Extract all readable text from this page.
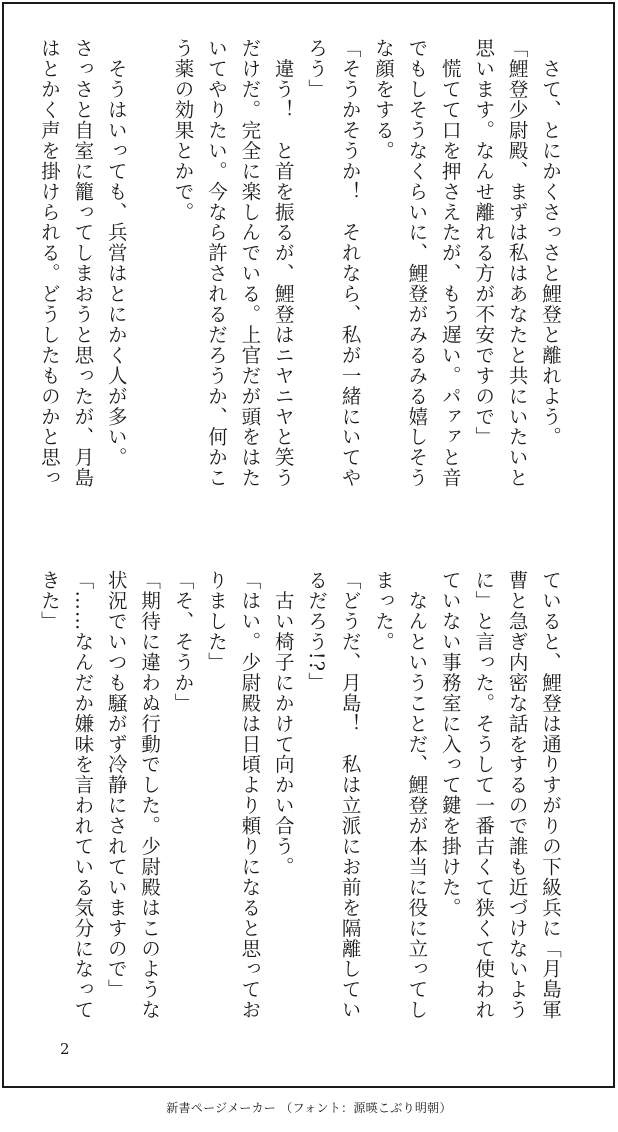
　さて、とにかくさっさと鯉登と離れよう。

「鯉登少尉殿、まずは私はあなたと共にいたいと

思います。なんせ離れる方が不安ですので」

　慌てて口を押さえたが、もう遅い。パァァと音

でもしそうなくらいに、鯉登がみるみる嬉しそう

な顔をする。

「そうかそうか！　それなら、私が一緒にいてや

ろう」

　違う！　と首を振るが、鯉登はニヤニヤと笑う

だけだ。完全に楽しんでいる。上官だが頭をはた

いてやりたい。今なら許されるだろうか、何かこ

う薬の効果とかで。

　そうはいっても、兵営はとにかく人が多い。

さっさと自室に籠ってしまおうと思ったが、月島

はとかく声を掛けられる。どうしたものかと思っ

ていると、鯉登は通りすがりの下級兵に「月島軍

曹と急ぎ内密な話をするので誰も近づけないよう

に」と言った。そうして一番古くて狭くて使われ

ていない事務室に入って鍵を掛けた。

　なんということだ、鯉登が本当に役に立ってし

まった。

「どうだ、月島！　私は立派にお前を隔離してい

るだろう!?」

　古い椅子にかけて向かい合う。

「はい。少尉殿は日頃より頼りになると思ってお

りました」

「そ、そうか」

「期待に違わぬ行動でした。少尉殿はこのような

状況でいつも騒がず冷静にされていますので」

「……なんだか嫌味を言われている気分になって

きた」

2
新書ページメーカー （フォント：源暎こぶり明朝）
